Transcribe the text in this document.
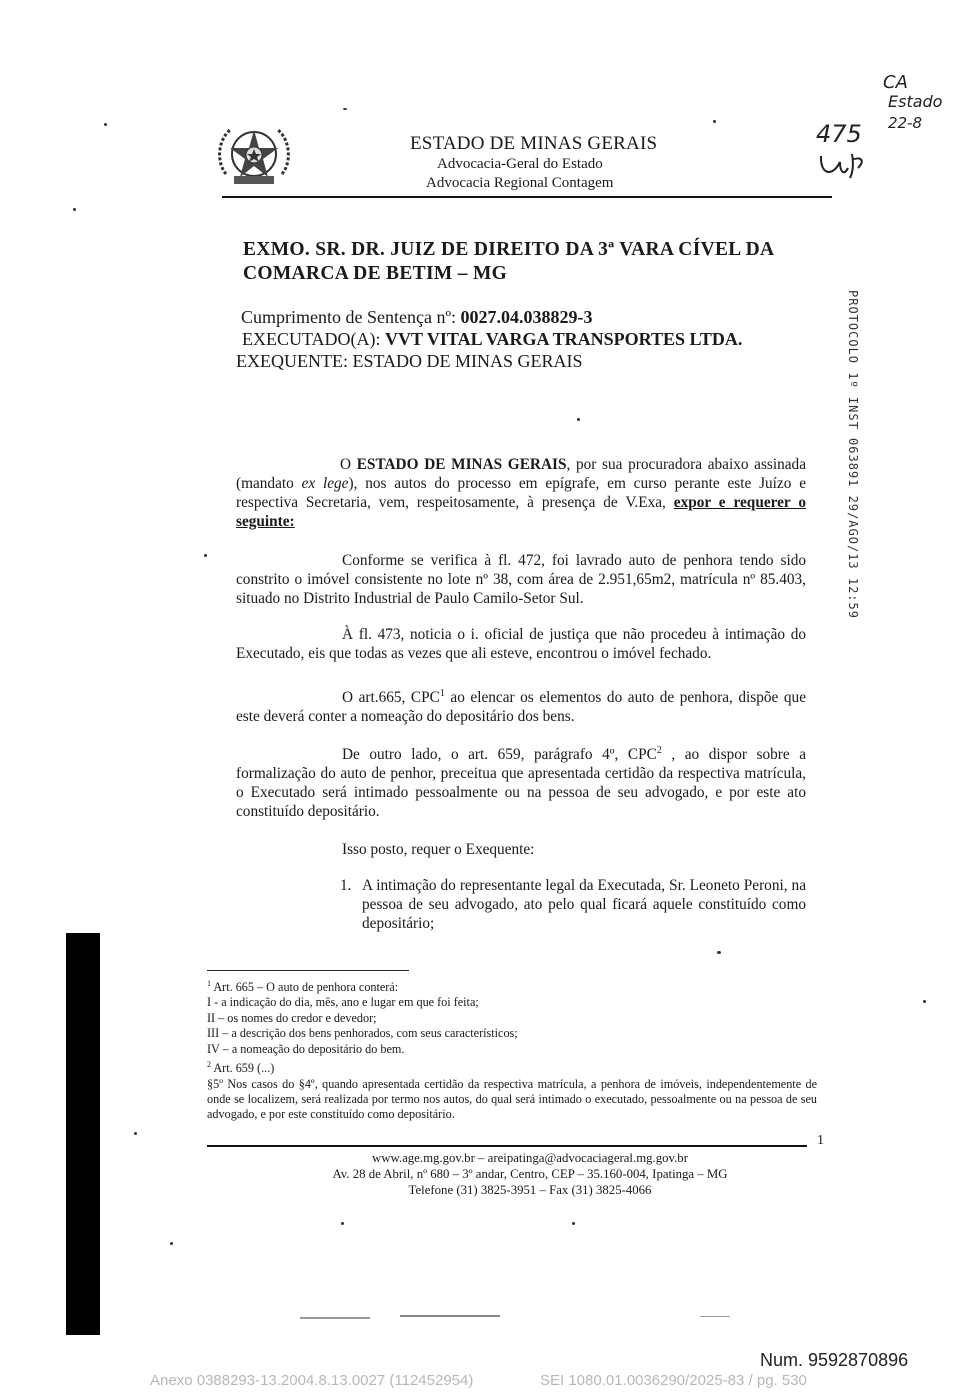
ESTADO DE MINAS GERAIS
Advocacia-Geral do Estado
Advocacia Regional Contagem
475
CA
Estado
22-8
EXMO. SR. DR. JUIZ DE DIREITO DA 3ª VARA CÍVEL DA
COMARCA DE BETIM – MG
Cumprimento de Sentença nº: 0027.04.038829-3
EXECUTADO(A): VVT VITAL VARGA TRANSPORTES LTDA.
EXEQUENTE: ESTADO DE MINAS GERAIS	PROTOCOLO 1º INST 063891 29/AGO/13 12:59
O ESTADO DE MINAS GERAIS, por sua procuradora abaixo assinada (mandato ex lege), nos autos do processo em epígrafe, em curso perante este Juízo e respectiva Secretaria, vem, respeitosamente, à presença de V.Exa, expor e requerer o seguinte:
Conforme se verifica à fl. 472, foi lavrado auto de penhora tendo sido constrito o imóvel consistente no lote nº 38, com área de 2.951,65m2, matrícula nº 85.403, situado no Distrito Industrial de Paulo Camilo-Setor Sul.
À fl. 473, noticia o i. oficial de justiça que não procedeu à intimação do Executado, eis que todas as vezes que ali esteve, encontrou o imóvel fechado.
O art.665, CPC$^1$ ao elencar os elementos do auto de penhora, dispõe que este deverá conter a nomeação do depositário dos bens.
De outro lado, o art. 659, parágrafo 4º, CPC$^2$ , ao dispor sobre a formalização do auto de penhor, preceitua que apresentada certidão da respectiva matrícula, o Executado será intimado pessoalmente ou na pessoa de seu advogado, e por este ato constituído depositário.
Isso posto, requer o Exequente:
1. A intimação do representante legal da Executada, Sr. Leoneto Peroni, na pessoa de seu advogado, ato pelo qual ficará aquele constituído como depositário;
$^1$ Art. 665 – O auto de penhora conterá:
I - a indicação do dia, mês, ano e lugar em que foi feita;
II – os nomes do credor e devedor;
III – a descrição dos bens penhorados, com seus característicos;
IV – a nomeação do depositário do bem.
$^2$ Art. 659 (...)
§5º Nos casos do §4º, quando apresentada certidão da respectiva matrícula, a penhora de imóveis, independentemente de onde se localizem, será realizada por termo nos autos, do qual será intimado o executado, pessoalmente ou na pessoa de seu advogado, e por este constituído como depositário.
1
www.age.mg.gov.br – areipatinga@advocaciageral.mg.gov.br
Av. 28 de Abril, nº 680 – 3º andar, Centro, CEP – 35.160-004, Ipatinga – MG
Telefone (31) 3825-3951 – Fax (31) 3825-4066
Num. 9592870896
Anexo 0388293-13.2004.8.13.0027 (112452954)	SEI 1080.01.0036290/2025-83 / pg. 530
